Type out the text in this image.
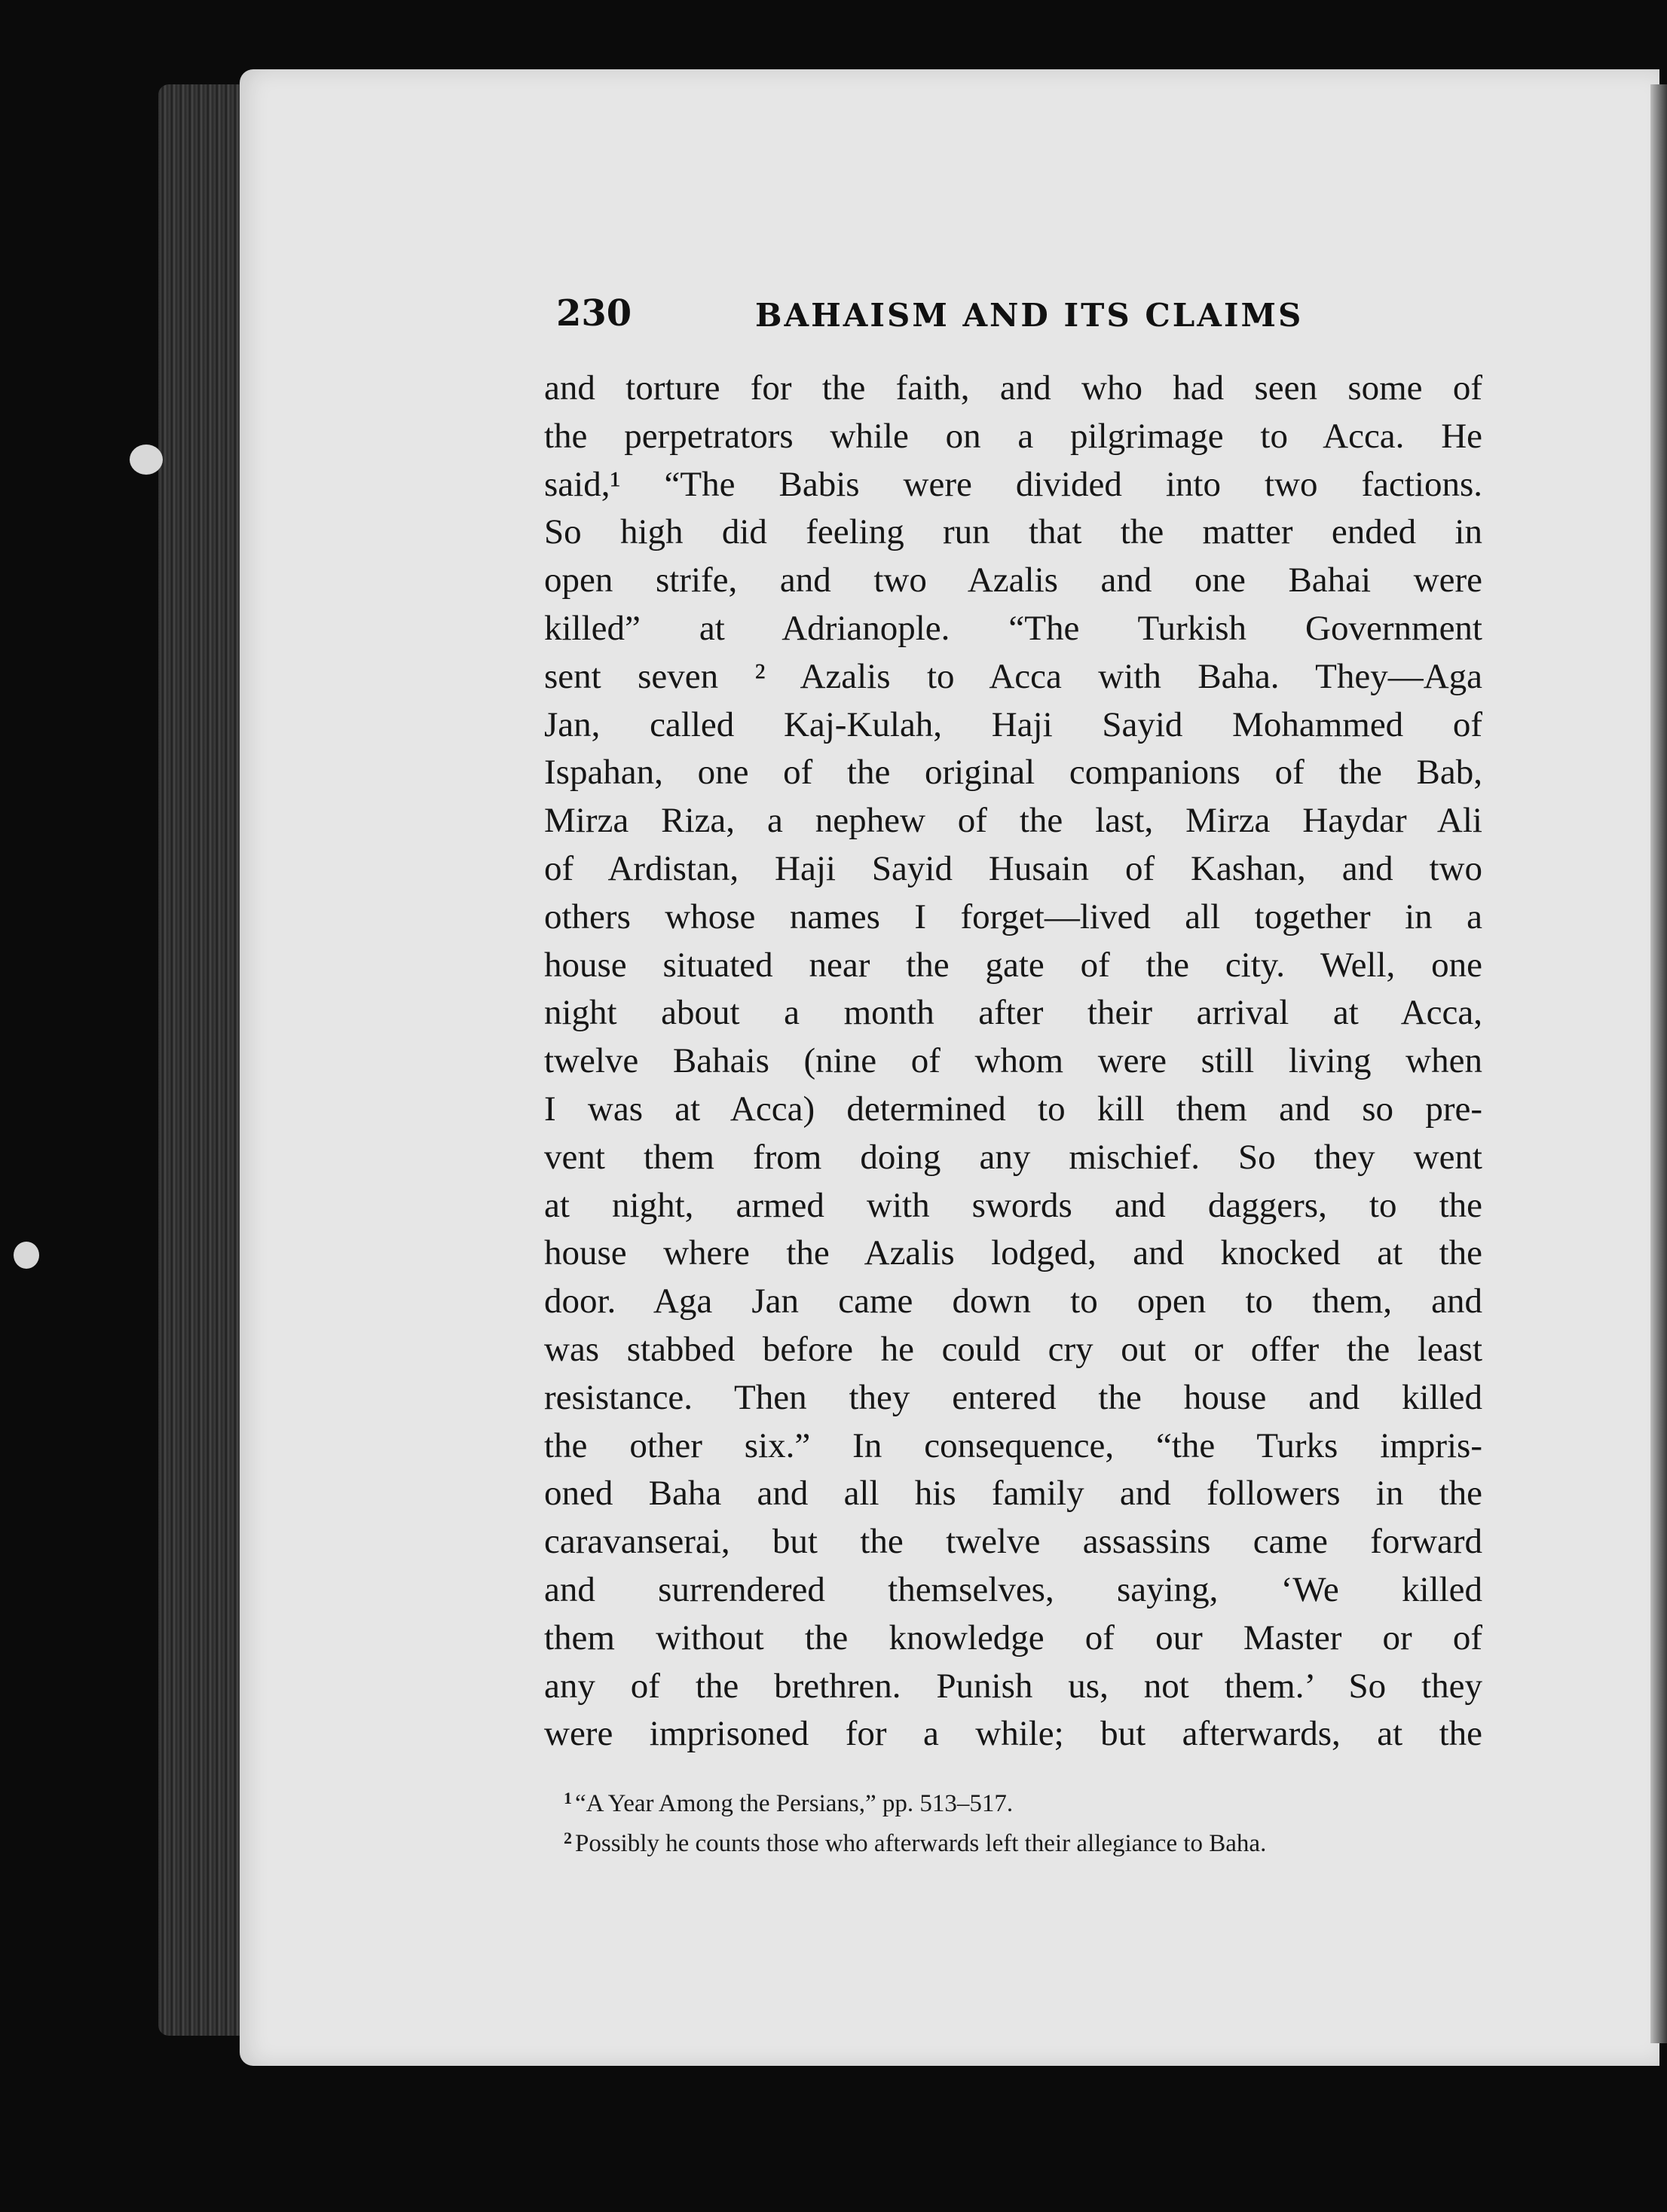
230	BAHAISM AND ITS CLAIMS
and torture for the faith, and who had seen some of
the perpetrators while on a pilgrimage to Acca. He
said,¹ “The Babis were divided into two factions.
So high did feeling run that the matter ended in
open strife, and two Azalis and one Bahai were
killed” at Adrianople. “The Turkish Government
sent seven ² Azalis to Acca with Baha. They—Aga
Jan, called Kaj-Kulah, Haji Sayid Mohammed of
Ispahan, one of the original companions of the Bab,
Mirza Riza, a nephew of the last, Mirza Haydar Ali
of Ardistan, Haji Sayid Husain of Kashan, and two
others whose names I forget—lived all together in a
house situated near the gate of the city. Well, one
night about a month after their arrival at Acca,
twelve Bahais (nine of whom were still living when
I was at Acca) determined to kill them and so pre-
vent them from doing any mischief. So they went
at night, armed with swords and daggers, to the
house where the Azalis lodged, and knocked at the
door. Aga Jan came down to open to them, and
was stabbed before he could cry out or offer the least
resistance. Then they entered the house and killed
the other six.” In consequence, “the Turks impris-
oned Baha and all his family and followers in the
caravanserai, but the twelve assassins came forward
and surrendered themselves, saying, ‘We killed
them without the knowledge of our Master or of
any of the brethren. Punish us, not them.’ So they
were imprisoned for a while; but afterwards, at the
$^1$ “A Year Among the Persians,” pp. 513–517.
$^2$ Possibly he counts those who afterwards left their allegiance to Baha.
